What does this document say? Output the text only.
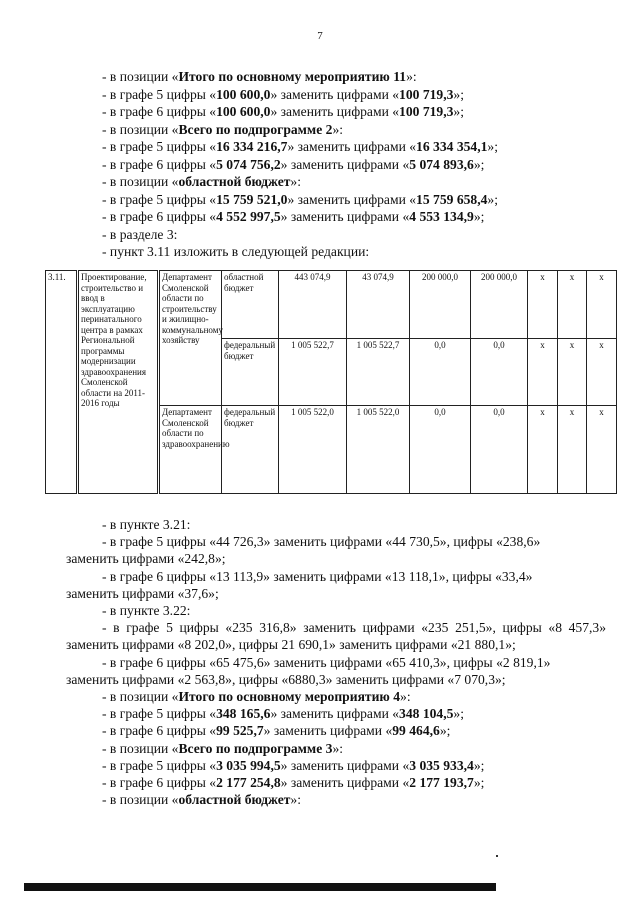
7
- в позиции «Итого по основному мероприятию 11»:
- в графе 5 цифры «100 600,0» заменить цифрами «100 719,3»;
- в графе 6 цифры «100 600,0» заменить цифрами «100 719,3»;
- в позиции «Всего по подпрограмме 2»:
- в графе 5 цифры «16 334 216,7» заменить цифрами «16 334 354,1»;
- в графе 6 цифры «5 074 756,2» заменить цифрами «5 074 893,6»;
- в позиции «областной бюджет»:
- в графе 5 цифры «15 759 521,0» заменить цифрами «15 759 658,4»;
- в графе 6 цифры «4 552 997,5» заменить цифрами «4 553 134,9»;
- в разделе 3:
- пункт 3.11 изложить в следующей редакции:
3.11.	Проектирование, строительство и ввод в эксплуатацию перинатального центра в рамках Региональной программы модернизации здравоохранения Смоленской области на 2011-2016 годы	Департамент Смоленской области по строительству и жилищно-коммунальному хозяйству	областной бюджет	443 074,9	43 074,9	200 000,0	200 000,0	x	x	x
			федеральный бюджет	1 005 522,7	1 005 522,7	0,0	0,0	x	x	x
		Департамент Смоленской области по здравоохранению	федеральный бюджет	1 005 522,0	1 005 522,0	0,0	0,0	x	x	x
- в пункте 3.21:
- в графе 5 цифры «44 726,3» заменить цифрами «44 730,5», цифры «238,6»
заменить цифрами «242,8»;
- в графе 6 цифры «13 113,9» заменить цифрами «13 118,1», цифры «33,4»
заменить цифрами «37,6»;
- в пункте 3.22:
- в графе 5 цифры «235 316,8» заменить цифрами «235 251,5», цифры «8 457,3» заменить цифрами «8 202,0», цифры 21 690,1» заменить цифрами «21 880,1»;
- в графе 6 цифры «65 475,6» заменить цифрами «65 410,3», цифры «2 819,1»
заменить цифрами «2 563,8», цифры «6880,3» заменить цифрами «7 070,3»;
- в позиции «Итого по основному мероприятию 4»:
- в графе 5 цифры «348 165,6» заменить цифрами «348 104,5»;
- в графе 6 цифры «99 525,7» заменить цифрами «99 464,6»;
- в позиции «Всего по подпрограмме 3»:
- в графе 5 цифры «3 035 994,5» заменить цифрами «3 035 933,4»;
- в графе 6 цифры «2 177 254,8» заменить цифрами «2 177 193,7»;
- в позиции «областной бюджет»:
